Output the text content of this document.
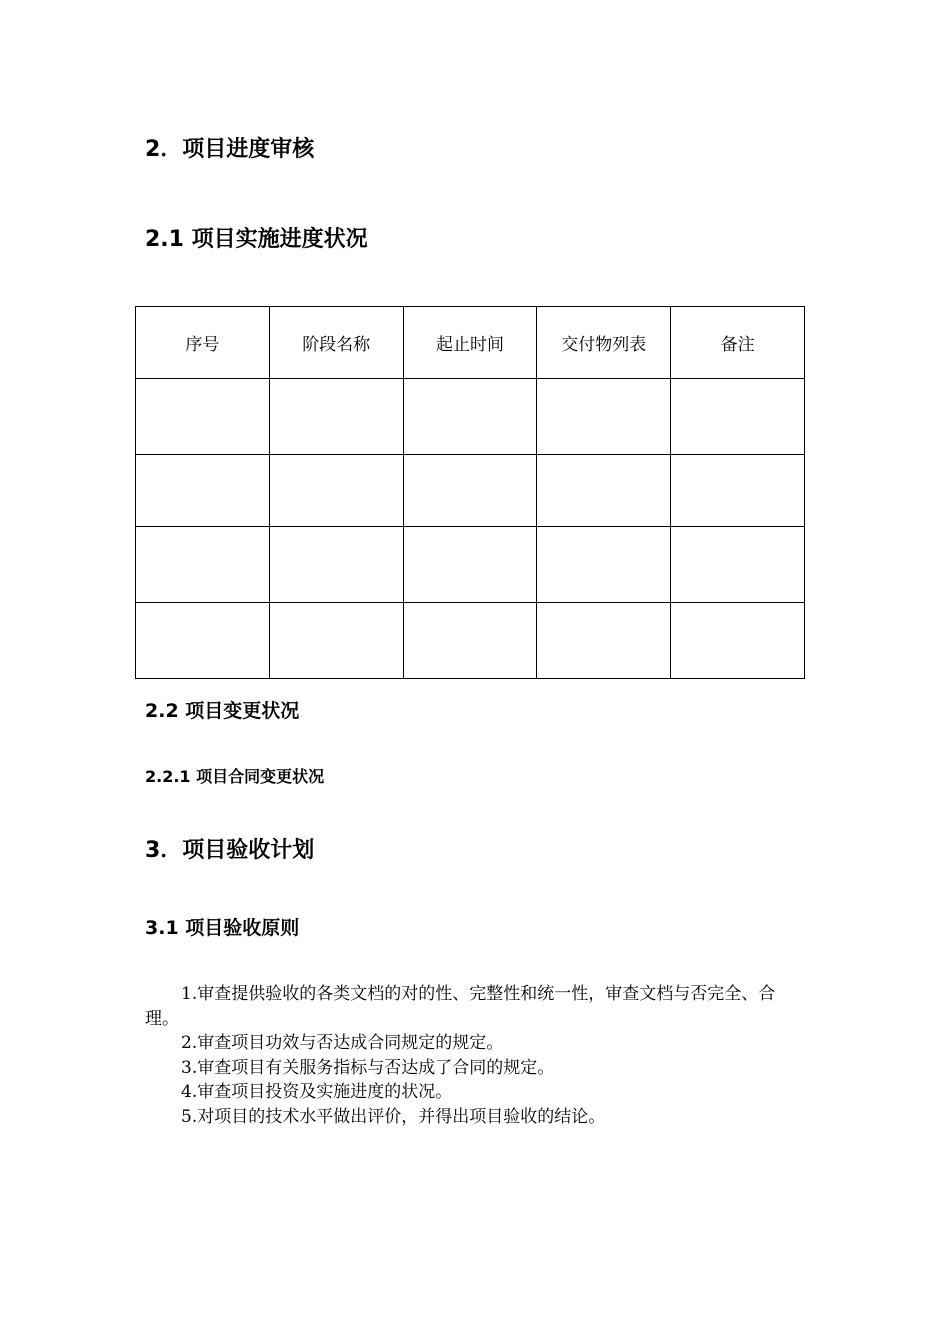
2．项目进度审核
2.1 项目实施进度状况
序号	阶段名称	起止时间	交付物列表	备注

2.2 项目变更状况
2.2.1 项目合同变更状况
3．项目验收计划
3.1 项目验收原则

1.审查提供验收的各类文档的对的性、完整性和统一性，审查文档与否完全、合理。

2.审查项目功效与否达成合同规定的规定。

3.审查项目有关服务指标与否达成了合同的规定。

4.审查项目投资及实施进度的状况。

5.对项目的技术水平做出评价，并得出项目验收的结论。
